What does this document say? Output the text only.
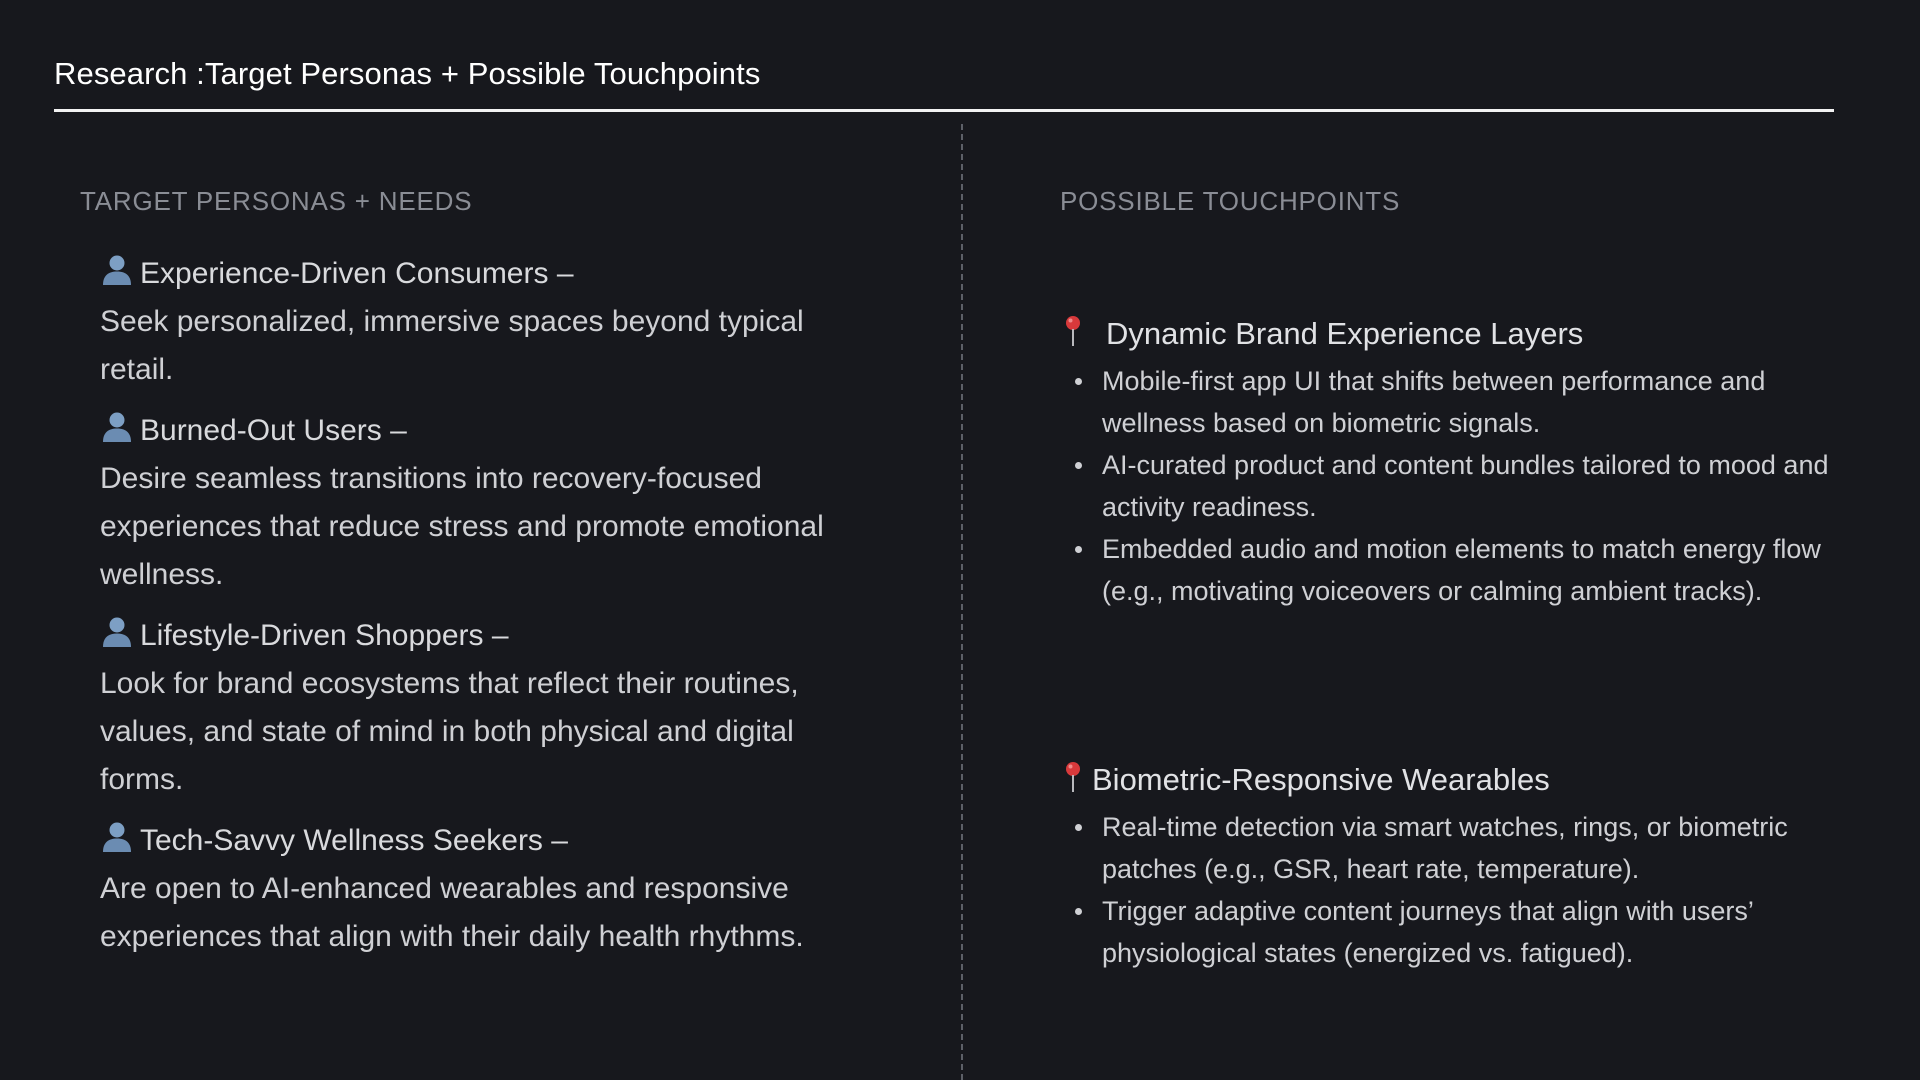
Research :Target Personas + Possible Touchpoints
TARGET PERSONAS + NEEDS	POSSIBLE TOUCHPOINTS
Experience-Driven Consumers –
Seek personalized, immersive spaces beyond typical retail.
Burned-Out Users –
Desire seamless transitions into recovery-focused experiences that reduce stress and promote emotional wellness.
Lifestyle-Driven Shoppers –
Look for brand ecosystems that reflect their routines, values, and state of mind in both physical and digital forms.
Tech-Savvy Wellness Seekers –
Are open to AI-enhanced wearables and responsive experiences that align with their daily health rhythms.
Dynamic Brand Experience Layers
Mobile-first app UI that shifts between performance and wellness based on biometric signals.
AI-curated product and content bundles tailored to mood and activity readiness.
Embedded audio and motion elements to match energy flow (e.g., motivating voiceovers or calming ambient tracks).
Biometric-Responsive Wearables
Real-time detection via smart watches, rings, or biometric patches (e.g., GSR, heart rate, temperature).
Trigger adaptive content journeys that align with users’ physiological states (energized vs. fatigued).
